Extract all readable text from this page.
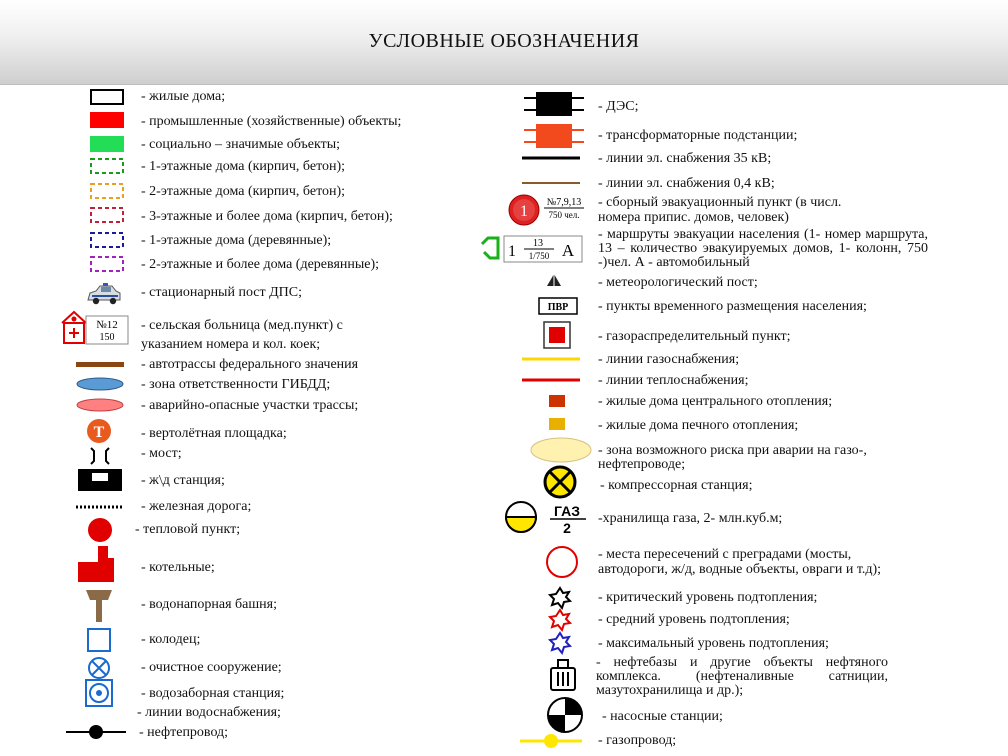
УСЛОВНЫЕ ОБОЗНАЧЕНИЯ
- жилые дома;
- промышленные (хозяйственные) объекты;
- социально – значимые объекты;
- 1-этажные дома (кирпич, бетон);
- 2-этажные дома (кирпич, бетон);
- 3-этажные и более дома (кирпич, бетон);
- 1-этажные дома (деревянные);
- 2-этажные и более дома (деревянные);
- стационарный пост ДПС;
№12
150
- сельская больница (мед.пункт) с
указанием номера и кол. коек;
- автотрассы федерального значения
- зона ответственности ГИБДД;
- аварийно-опасные участки трассы;
Т	- вертолётная площадка;
- мост;
- ж\д станция;
- железная дорога;
- тепловой пункт;
- котельные;
- водонапорная башня;
- колодец;
- очистное сооружение;
- водозаборная станция;
- линии водоснабжения;
- нефтепровод;
- ДЭС;
- трансформаторные подстанции;
- линии эл. снабжения 35 кВ;
- линии эл. снабжения 0,4 кВ;
1
№7,9,13
750 чел.
- сборный эвакуационный пункт (в числ.
номера припис. домов, человек)
1 13
1/750 А
- маршруты эвакуации населения (1- номер маршрута, 13 – количество эвакуируемых домов, 1- колонн, 750 -)чел. А - автомобильный
- метеорологический пост;
ПВР - пункты временного размещения населения;
- газораспределительный пункт;
- линии газоснабжения;
- линии теплоснабжения;
- жилые дома центрального отопления;
- жилые дома печного отопления;
- зона возможного риска при аварии на газо-,
нефтепроводе;
- компрессорная станция;
ГАЗ
2
-хранилища газа, 2- млн.куб.м;
- места пересечений с преградами (мосты,
автодороги, ж/д, водные объекты, овраги и т.д);
- критический уровень подтопления;
- средний уровень подтопления;
- максимальный уровень подтопления;
- нефтебазы и другие объекты нефтяного комплекса. (нефтеналивные сатниции, мазутохранилища и др.);
- насосные станции;
- газопровод;
